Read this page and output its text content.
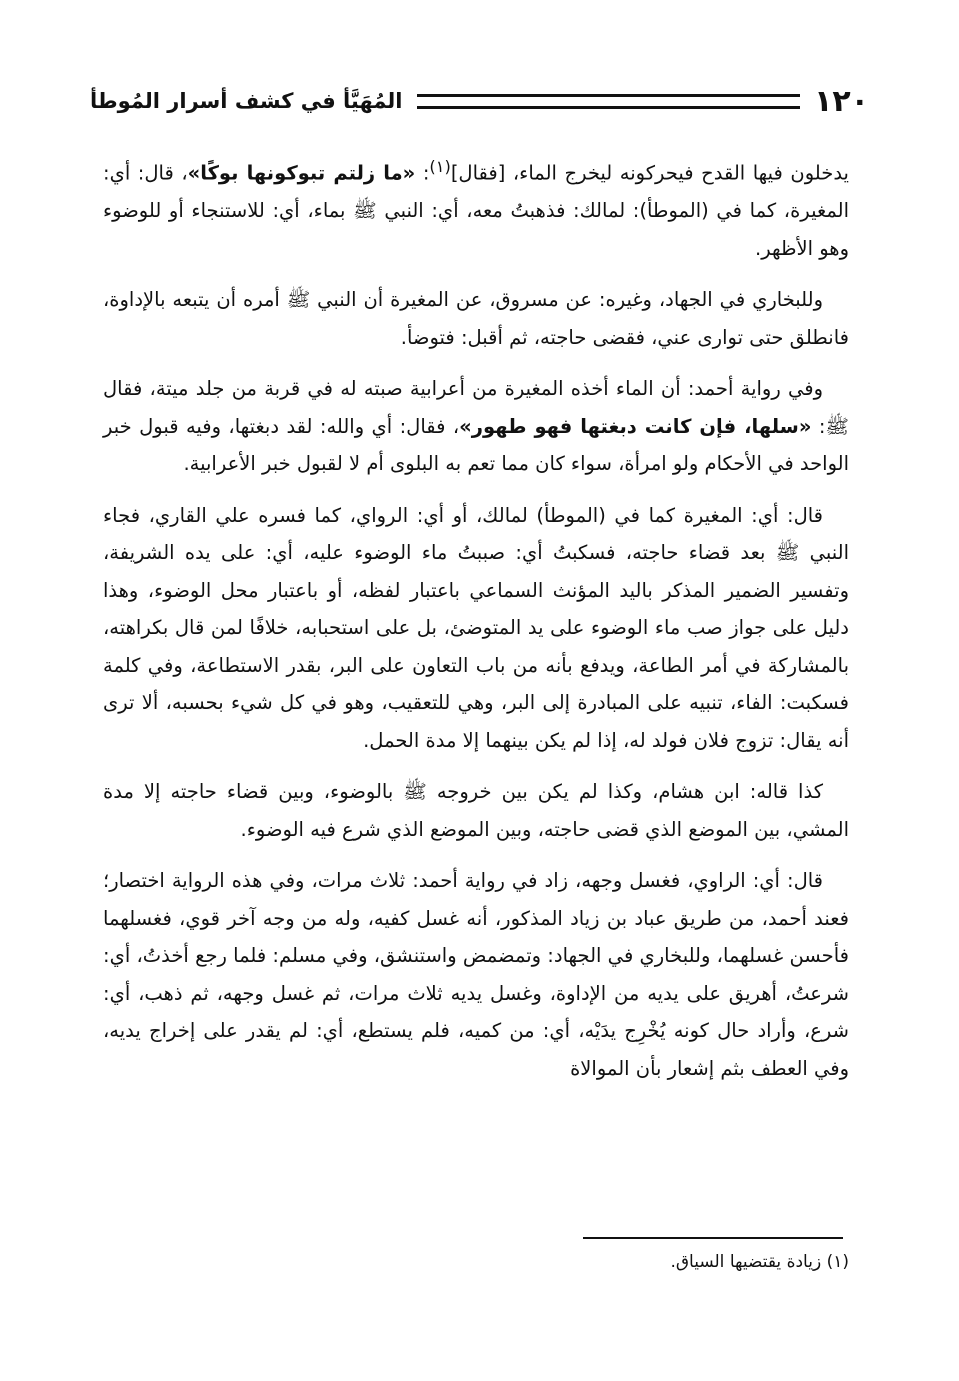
١٢٠
المُهَيَّأ في كشف أسرار المُوطأ

يدخلون فيها القدح فيحركونه ليخرج الماء، [فقال]$^{(١)}$: «ما زلتم تبوكونها بوكًا»، قال: أي: المغيرة، كما في (الموطأ): لمالك: فذهبتُ معه، أي: النبي ﷺ بماء، أي: للاستنجاء أو للوضوء وهو الأظهر.

وللبخاري في الجهاد، وغيره: عن مسروق، عن المغيرة أن النبي ﷺ أمره أن يتبعه بالإداوة، فانطلق حتى توارى عني، فقضى حاجته، ثم أقبل: فتوضأ.

وفي رواية أحمد: أن الماء أخذه المغيرة من أعرابية صبته له في قربة من جلد ميتة، فقال ﷺ: «سلها، فإن كانت دبغتها فهو طهور»، فقال: أي والله: لقد دبغتها، وفيه قبول خبر الواحد في الأحكام ولو امرأة، سواء كان مما تعم به البلوى أم لا لقبول خبر الأعرابية.

قال: أي: المغيرة كما في (الموطأ) لمالك، أو أي: الرواي، كما فسره علي القاري، فجاء النبي ﷺ بعد قضاء حاجته، فسكبتُ أي: صببتُ ماء الوضوء عليه، أي: على يده الشريفة، وتفسير الضمير المذكر باليد المؤنث السماعي باعتبار لفظه، أو باعتبار محل الوضوء، وهذا دليل على جواز صب ماء الوضوء على يد المتوضئ، بل على استحبابه، خلافًا لمن قال بكراهته، بالمشاركة في أمر الطاعة، ويدفع بأنه من باب التعاون على البر، بقدر الاستطاعة، وفي كلمة فسكبت: الفاء، تنبيه على المبادرة إلى البر، وهي للتعقيب، وهو في كل شيء بحسبه، ألا ترى أنه يقال: تزوج فلان فولد له، إذا لم يكن بينهما إلا مدة الحمل.

كذا قاله: ابن هشام، وكذا لم يكن بين خروجه ﷺ بالوضوء، وبين قضاء حاجته إلا مدة المشي، بين الموضع الذي قضى حاجته، وبين الموضع الذي شرع فيه الوضوء.

قال: أي: الراوي، فغسل وجهه، زاد في رواية أحمد: ثلاث مرات، وفي هذه الرواية اختصار؛ فعند أحمد، من طريق عباد بن زياد المذكور، أنه غسل كفيه، وله من وجه آخر قوي، فغسلهما فأحسن غسلهما، وللبخاري في الجهاد: وتمضمض واستنشق، وفي مسلم: فلما رجع أخذتُ، أي: شرعتُ، أهريق على يديه من الإداوة، وغسل يديه ثلاث مرات، ثم غسل وجهه، ثم ذهب، أي: شرع، وأراد حال كونه يُخْرِج يدَيْه، أي: من كميه، فلم يستطع، أي: لم يقدر على إخراج يديه، وفي العطف بثم إشعار بأن الموالاة

(١) زيادة يقتضيها السياق.
